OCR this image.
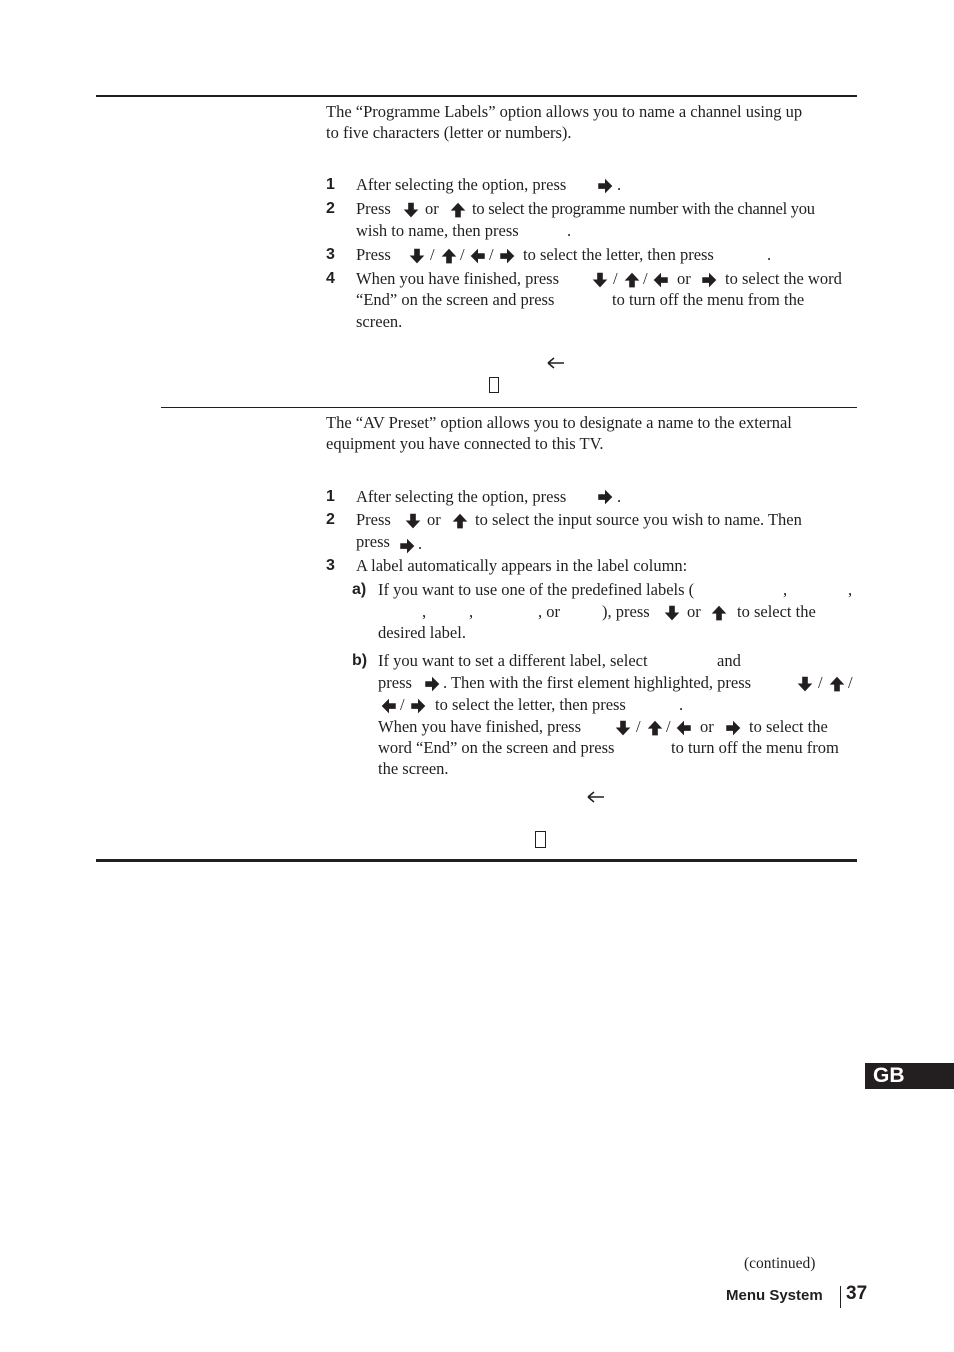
The “Programme Labels” option allows you to name a channel using up
to five characters (letter or numbers).
1 After selecting the option, press	.
2 Press or to select the programme number with the channel you
wish to name, then press	.
3 Press / / / to select the letter, then press	.
4 When you have finished, press	/ / or to select the word
“End” on the screen and press	to turn off the menu from the
screen.
The “AV Preset” option allows you to designate a name to the external
equipment you have connected to this TV.
1 After selecting the option, press	.
2 Press or to select the input source you wish to name. Then
press .
3 A label automatically appears in the label column:
a) If you want to use one of the predefined labels (	,	,
,	,	, or	), press or to select the
desired label.
b) If you want to set a different label, select	and
press . Then with the first element highlighted, press	/ /
/ to select the letter, then press	.
When you have finished, press	/ / or to select the
word “End” on the screen and press	to turn off the menu from
the screen.
GB
(continued)
Menu System 37
